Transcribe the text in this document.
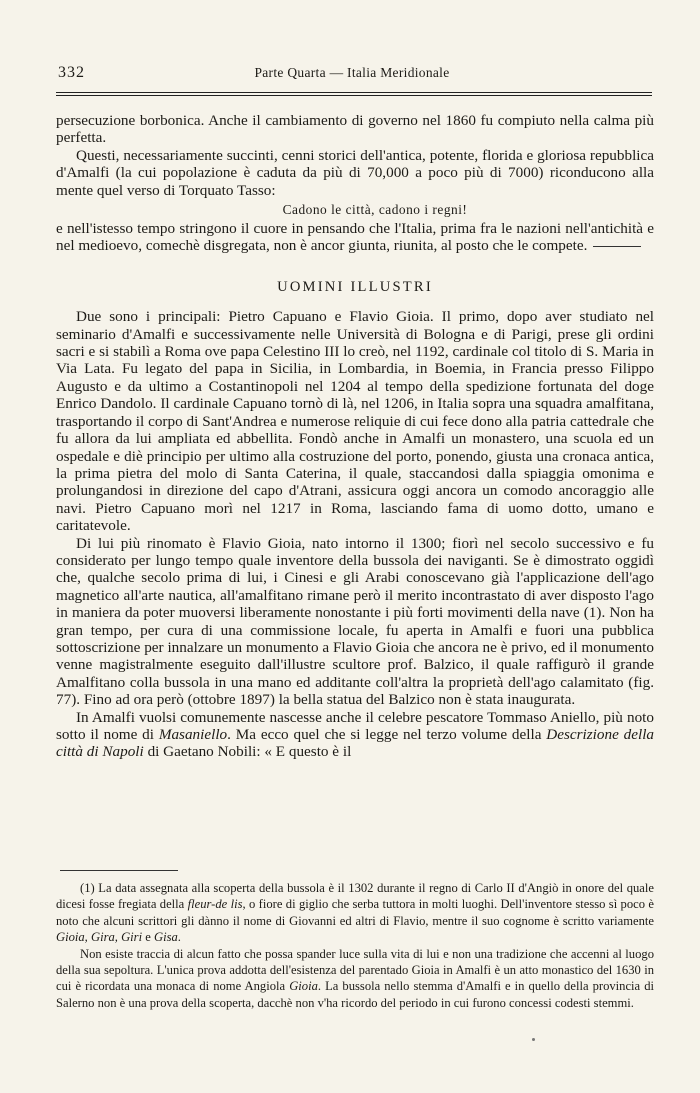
332	Parte Quarta — Italia Meridionale

persecuzione borbonica. Anche il cambiamento di governo nel 1860 fu compiuto nella calma più perfetta.

Questi, necessariamente succinti, cenni storici dell'antica, potente, florida e gloriosa repubblica d'Amalfi (la cui popolazione è caduta da più di 70,000 a poco più di 7000) riconducono alla mente quel verso di Torquato Tasso:

Cadono le città, cadono i regni!

e nell'istesso tempo stringono il cuore in pensando che l'Italia, prima fra le nazioni nell'antichità e nel medioevo, comechè disgregata, non è ancor giunta, riunita, al posto che le compete.

UOMINI ILLUSTRI

Due sono i principali: Pietro Capuano e Flavio Gioia. Il primo, dopo aver studiato nel seminario d'Amalfi e successivamente nelle Università di Bologna e di Parigi, prese gli ordini sacri e si stabilì a Roma ove papa Celestino III lo creò, nel 1192, cardinale col titolo di S. Maria in Via Lata. Fu legato del papa in Sicilia, in Lombardia, in Boemia, in Francia presso Filippo Augusto e da ultimo a Costantinopoli nel 1204 al tempo della spedizione fortunata del doge Enrico Dandolo. Il cardinale Capuano tornò di là, nel 1206, in Italia sopra una squadra amalfitana, trasportando il corpo di Sant'Andrea e numerose reliquie di cui fece dono alla patria cattedrale che fu allora da lui ampliata ed abbellita. Fondò anche in Amalfi un monastero, una scuola ed un ospedale e diè principio per ultimo alla costruzione del porto, ponendo, giusta una cronaca antica, la prima pietra del molo di Santa Caterina, il quale, staccandosi dalla spiaggia omonima e prolungandosi in direzione del capo d'Atrani, assicura oggi ancora un comodo ancoraggio alle navi. Pietro Capuano morì nel 1217 in Roma, lasciando fama di uomo dotto, umano e caritatevole.

Di lui più rinomato è Flavio Gioia, nato intorno il 1300; fiorì nel secolo successivo e fu considerato per lungo tempo quale inventore della bussola dei naviganti. Se è dimostrato oggidì che, qualche secolo prima di lui, i Cinesi e gli Arabi conoscevano già l'applicazione dell'ago magnetico all'arte nautica, all'amalfitano rimane però il merito incontrastato di aver disposto l'ago in maniera da poter muoversi liberamente nonostante i più forti movimenti della nave (1). Non ha gran tempo, per cura di una commissione locale, fu aperta in Amalfi e fuori una pubblica sottoscrizione per innalzare un monumento a Flavio Gioia che ancora ne è privo, ed il monumento venne magistralmente eseguito dall'illustre scultore prof. Balzico, il quale raffigurò il grande Amalfitano colla bussola in una mano ed additante coll'altra la proprietà dell'ago calamitato (fig. 77). Fino ad ora però (ottobre 1897) la bella statua del Balzico non è stata inaugurata.

In Amalfi vuolsi comunemente nascesse anche il celebre pescatore Tommaso Aniello, più noto sotto il nome di Masaniello. Ma ecco quel che si legge nel terzo volume della Descrizione della città di Napoli di Gaetano Nobili: « E questo è il

(1) La data assegnata alla scoperta della bussola è il 1302 durante il regno di Carlo II d'Angiò in onore del quale dicesi fosse fregiata della fleur-de lis, o fiore di giglio che serba tuttora in molti luoghi. Dell'inventore stesso sì poco è noto che alcuni scrittori gli dànno il nome di Giovanni ed altri di Flavio, mentre il suo cognome è scritto variamente Gioia, Gira, Giri e Gisa.

Non esiste traccia di alcun fatto che possa spander luce sulla vita di lui e non una tradizione che accenni al luogo della sua sepoltura. L'unica prova addotta dell'esistenza del parentado Gioia in Amalfi è un atto monastico del 1630 in cui è ricordata una monaca di nome Angiola Gioia. La bussola nello stemma d'Amalfi e in quello della provincia di Salerno non è una prova della scoperta, dacchè non v'ha ricordo del periodo in cui furono concessi codesti stemmi.
